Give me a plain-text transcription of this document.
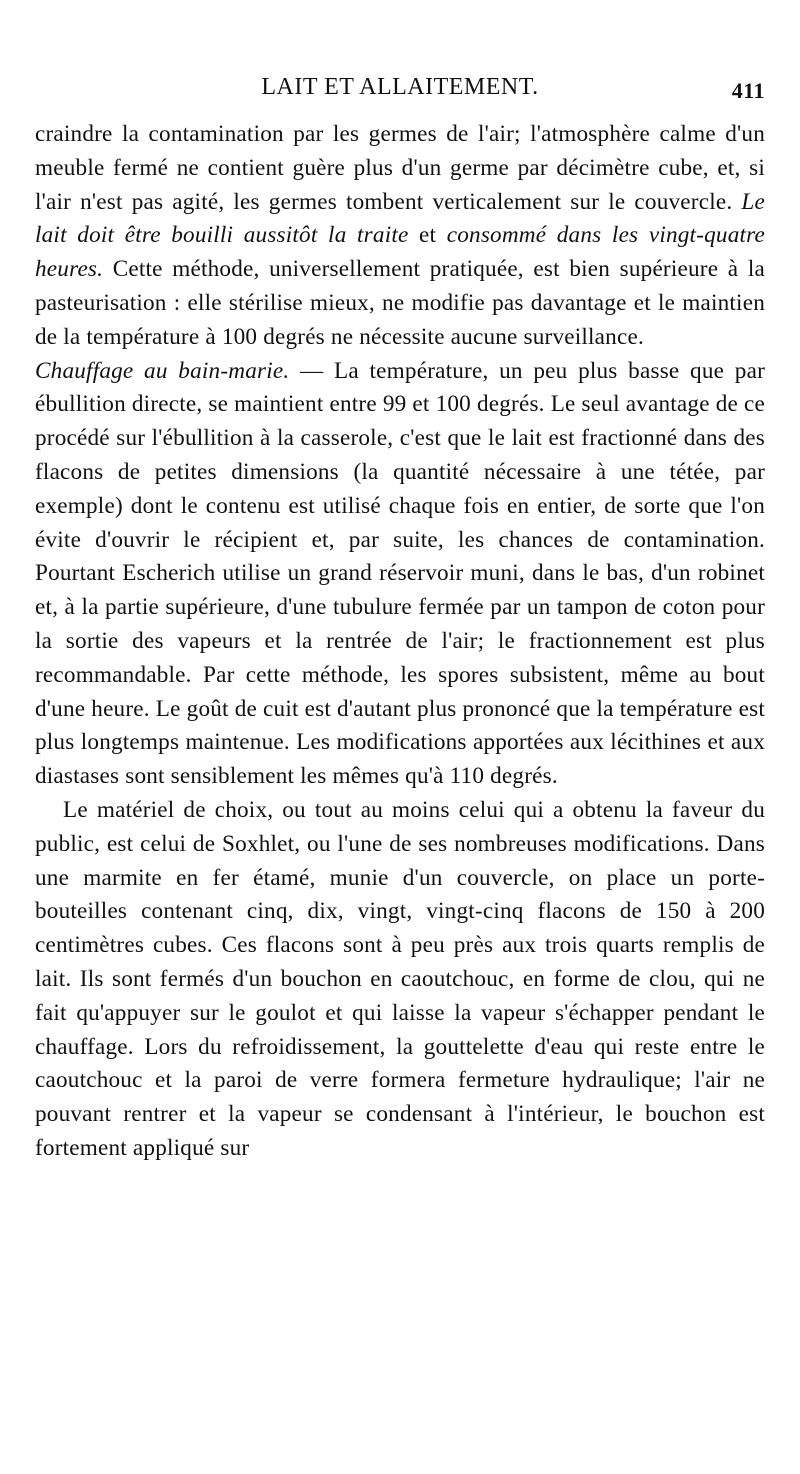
LAIT ET ALLAITEMENT.	411

craindre la contamination par les germes de l'air; l'atmosphère calme d'un meuble fermé ne contient guère plus d'un germe par décimètre cube, et, si l'air n'est pas agité, les germes tombent verticalement sur le couvercle. Le lait doit être bouilli aussitôt la traite et consommé dans les vingt-quatre heures. Cette méthode, universellement pratiquée, est bien supérieure à la pasteurisation : elle stérilise mieux, ne modifie pas davantage et le maintien de la température à 100 degrés ne nécessite aucune surveillance.

Chauffage au bain-marie. — La température, un peu plus basse que par ébullition directe, se maintient entre 99 et 100 degrés. Le seul avantage de ce procédé sur l'ébullition à la casserole, c'est que le lait est fractionné dans des flacons de petites dimensions (la quantité nécessaire à une tétée, par exemple) dont le contenu est utilisé chaque fois en entier, de sorte que l'on évite d'ouvrir le récipient et, par suite, les chances de contamination. Pourtant Escherich utilise un grand réservoir muni, dans le bas, d'un robinet et, à la partie supérieure, d'une tubulure fermée par un tampon de coton pour la sortie des vapeurs et la rentrée de l'air; le fractionnement est plus recommandable. Par cette méthode, les spores subsistent, même au bout d'une heure. Le goût de cuit est d'autant plus prononcé que la température est plus longtemps maintenue. Les modifications apportées aux lécithines et aux diastases sont sensiblement les mêmes qu'à 110 degrés.

Le matériel de choix, ou tout au moins celui qui a obtenu la faveur du public, est celui de Soxhlet, ou l'une de ses nombreuses modifications. Dans une marmite en fer étamé, munie d'un couvercle, on place un porte-bouteilles contenant cinq, dix, vingt, vingt-cinq flacons de 150 à 200 centimètres cubes. Ces flacons sont à peu près aux trois quarts remplis de lait. Ils sont fermés d'un bouchon en caoutchouc, en forme de clou, qui ne fait qu'appuyer sur le goulot et qui laisse la vapeur s'échapper pendant le chauffage. Lors du refroidissement, la gouttelette d'eau qui reste entre le caoutchouc et la paroi de verre formera fermeture hydraulique; l'air ne pouvant rentrer et la vapeur se condensant à l'intérieur, le bouchon est fortement appliqué sur
